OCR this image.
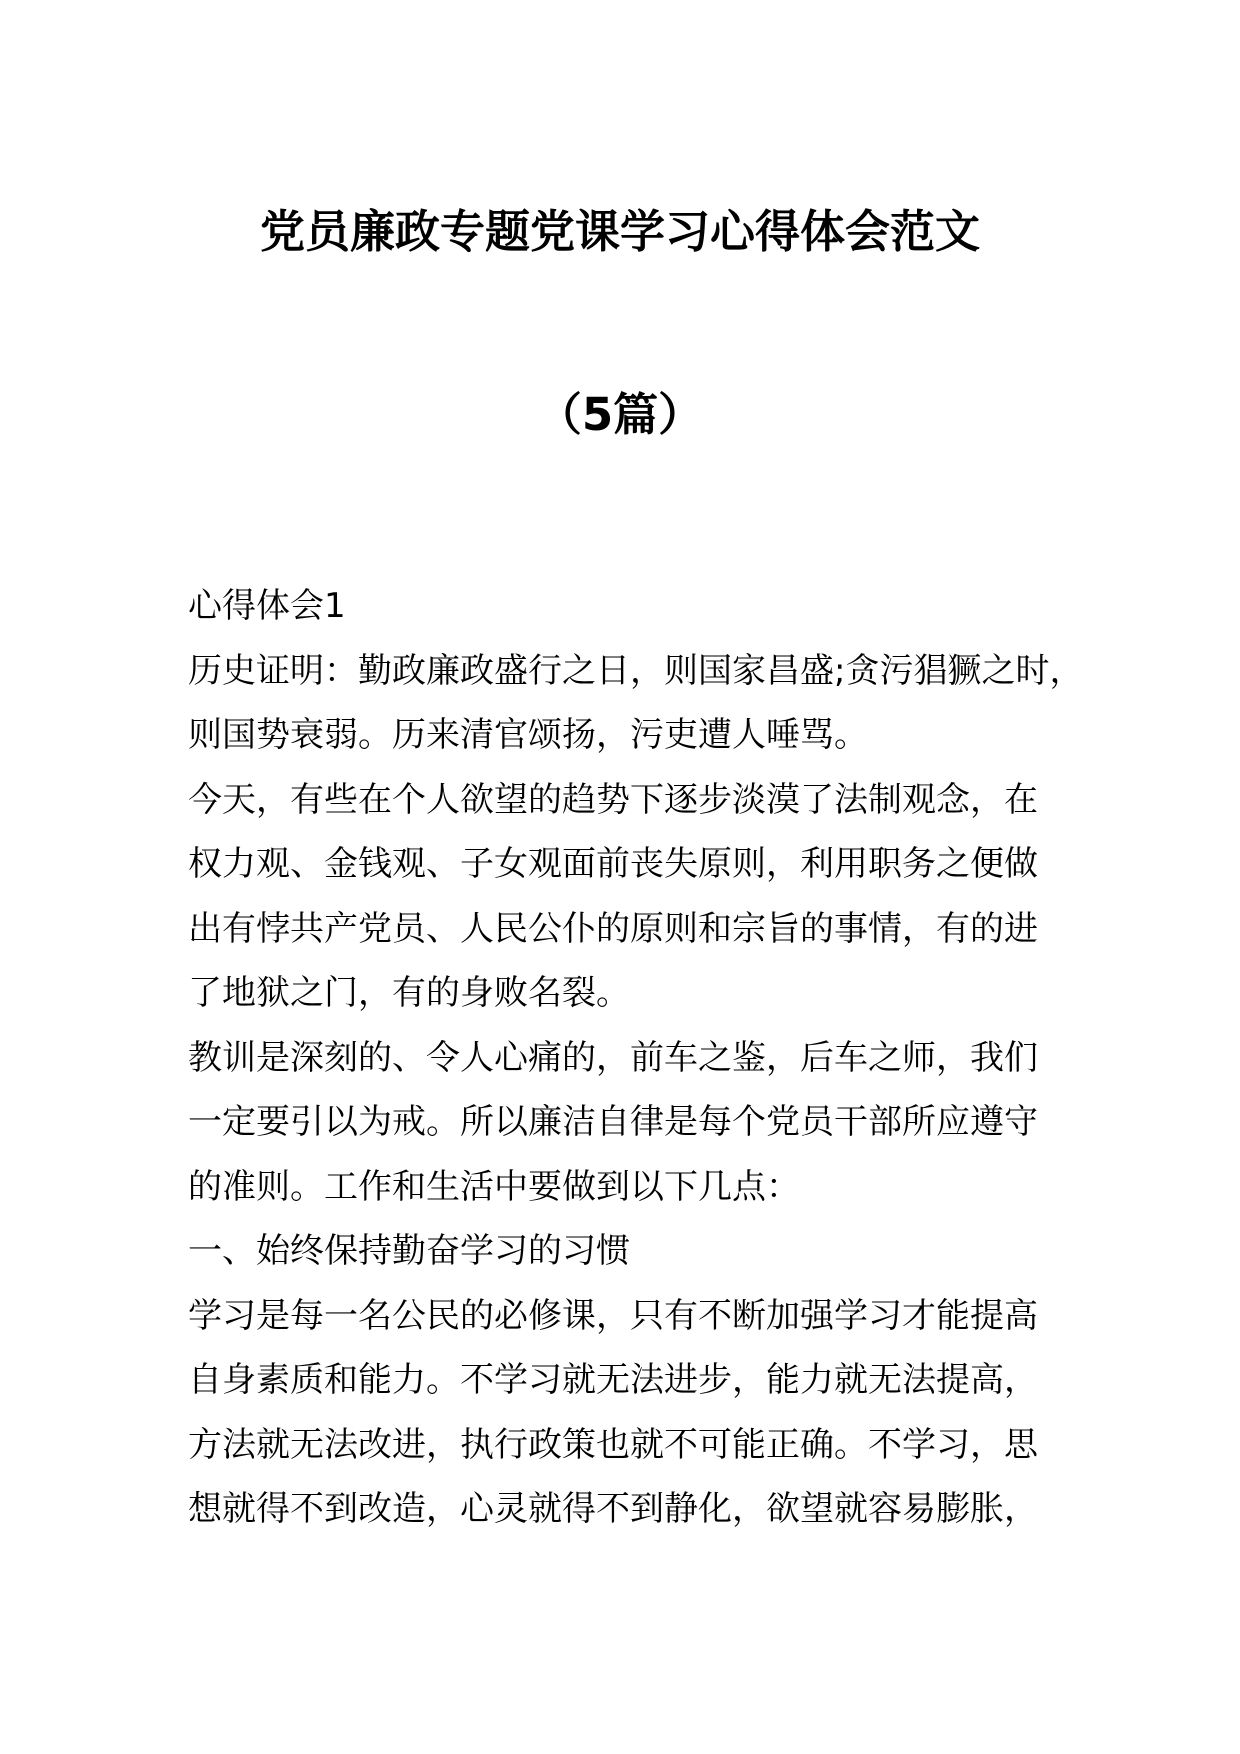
党员廉政专题党课学习心得体会范文
（5篇）
心得体会1
历史证明：勤政廉政盛行之日，则国家昌盛;贪污猖獗之时，
则国势衰弱。历来清官颂扬，污吏遭人唾骂。
今天，有些在个人欲望的趋势下逐步淡漠了法制观念，在
权力观、金钱观、子女观面前丧失原则，利用职务之便做
出有悖共产党员、人民公仆的原则和宗旨的事情，有的进
了地狱之门，有的身败名裂。
教训是深刻的、令人心痛的，前车之鉴，后车之师，我们
一定要引以为戒。所以廉洁自律是每个党员干部所应遵守
的准则。工作和生活中要做到以下几点：
一、始终保持勤奋学习的习惯
学习是每一名公民的必修课，只有不断加强学习才能提高
自身素质和能力。不学习就无法进步，能力就无法提高，
方法就无法改进，执行政策也就不可能正确。不学习，思
想就得不到改造，心灵就得不到静化，欲望就容易膨胀，
